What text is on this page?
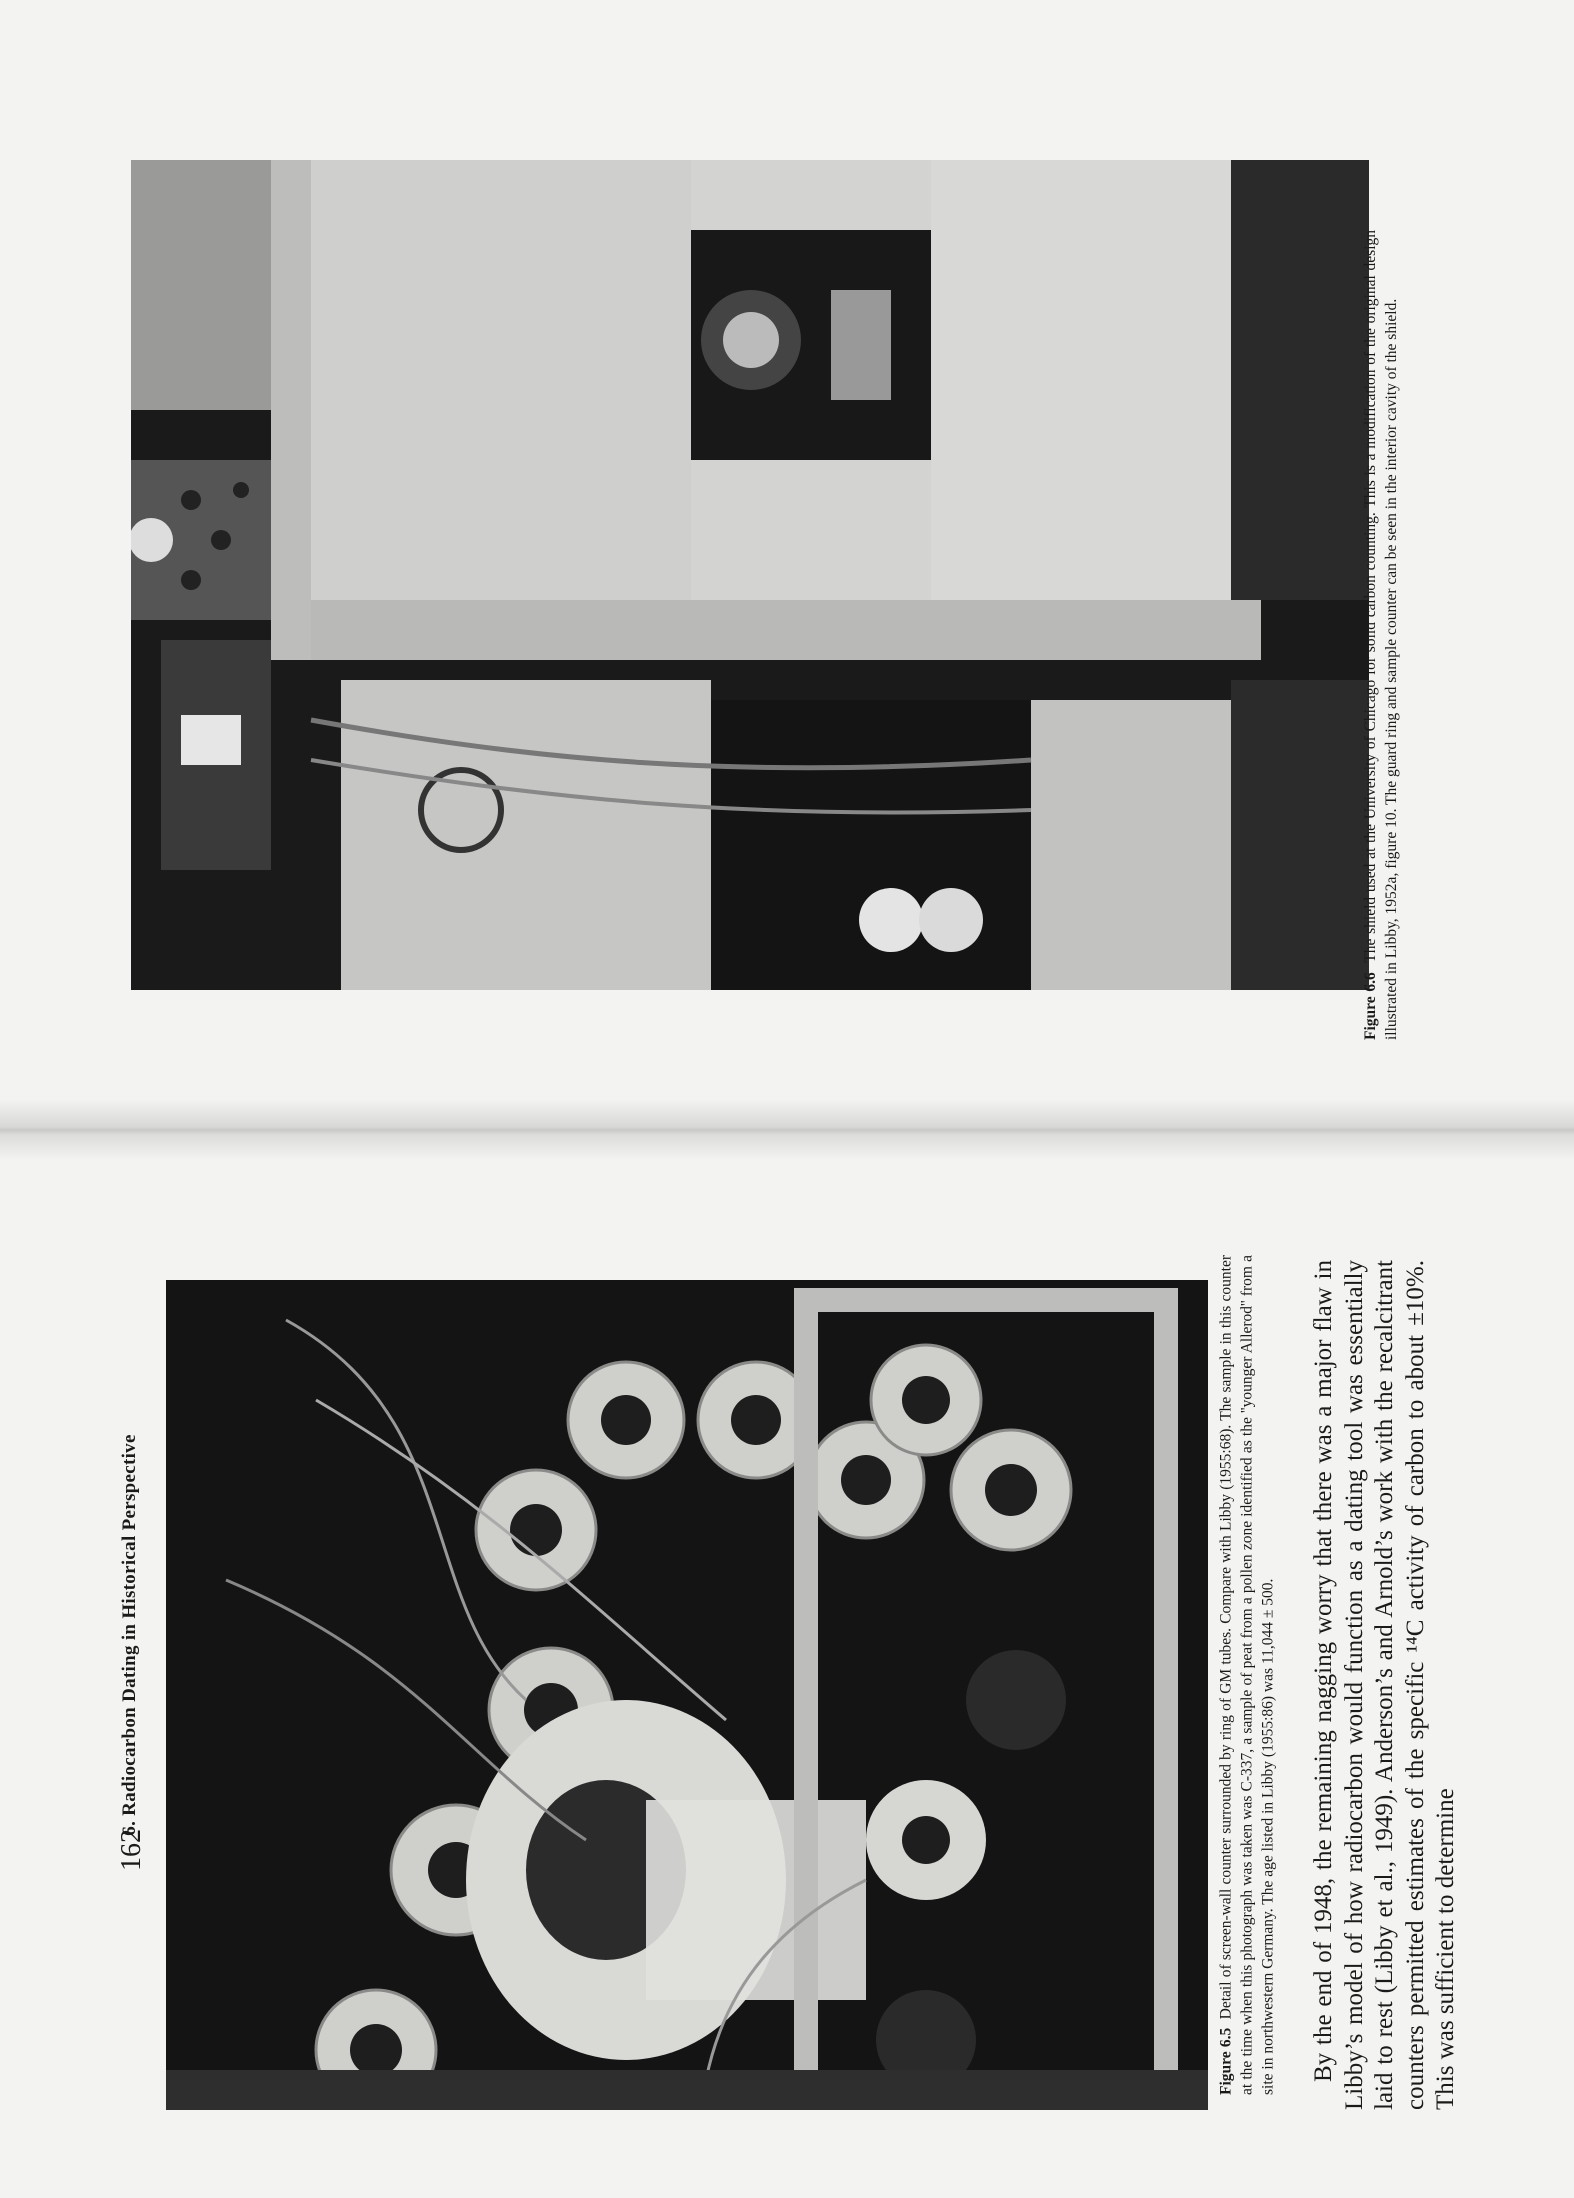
Figure 6.6  The shield used at the University of Chicago for solid carbon counting. This is a modification of the original design illustrated in Libby, 1952a, figure 10. The guard ring and sample counter can be seen in the interior cavity of the shield.
162
6. Radiocarbon Dating in Historical Perspective
Figure 6.5  Detail of screen-wall counter surrounded by ring of GM tubes. Compare with Libby (1955:68). The sample in this counter at the time when this photograph was taken was C-337, a sample of peat from a pollen zone identified as the ''younger Allerod'' from a site in northwestern Germany. The age listed in Libby (1955:86) was 11,044 ± 500. By the end of 1948, the remaining nagging worry that there was a major flaw in Libby’s model of how radiocarbon would function as a dating tool was essentially laid to rest (Libby et al., 1949). Anderson’s and Arnold’s work with the recalcitrant counters permitted estimates of the specific ¹⁴C activity of carbon to about ±10%. This was sufficient to determine
